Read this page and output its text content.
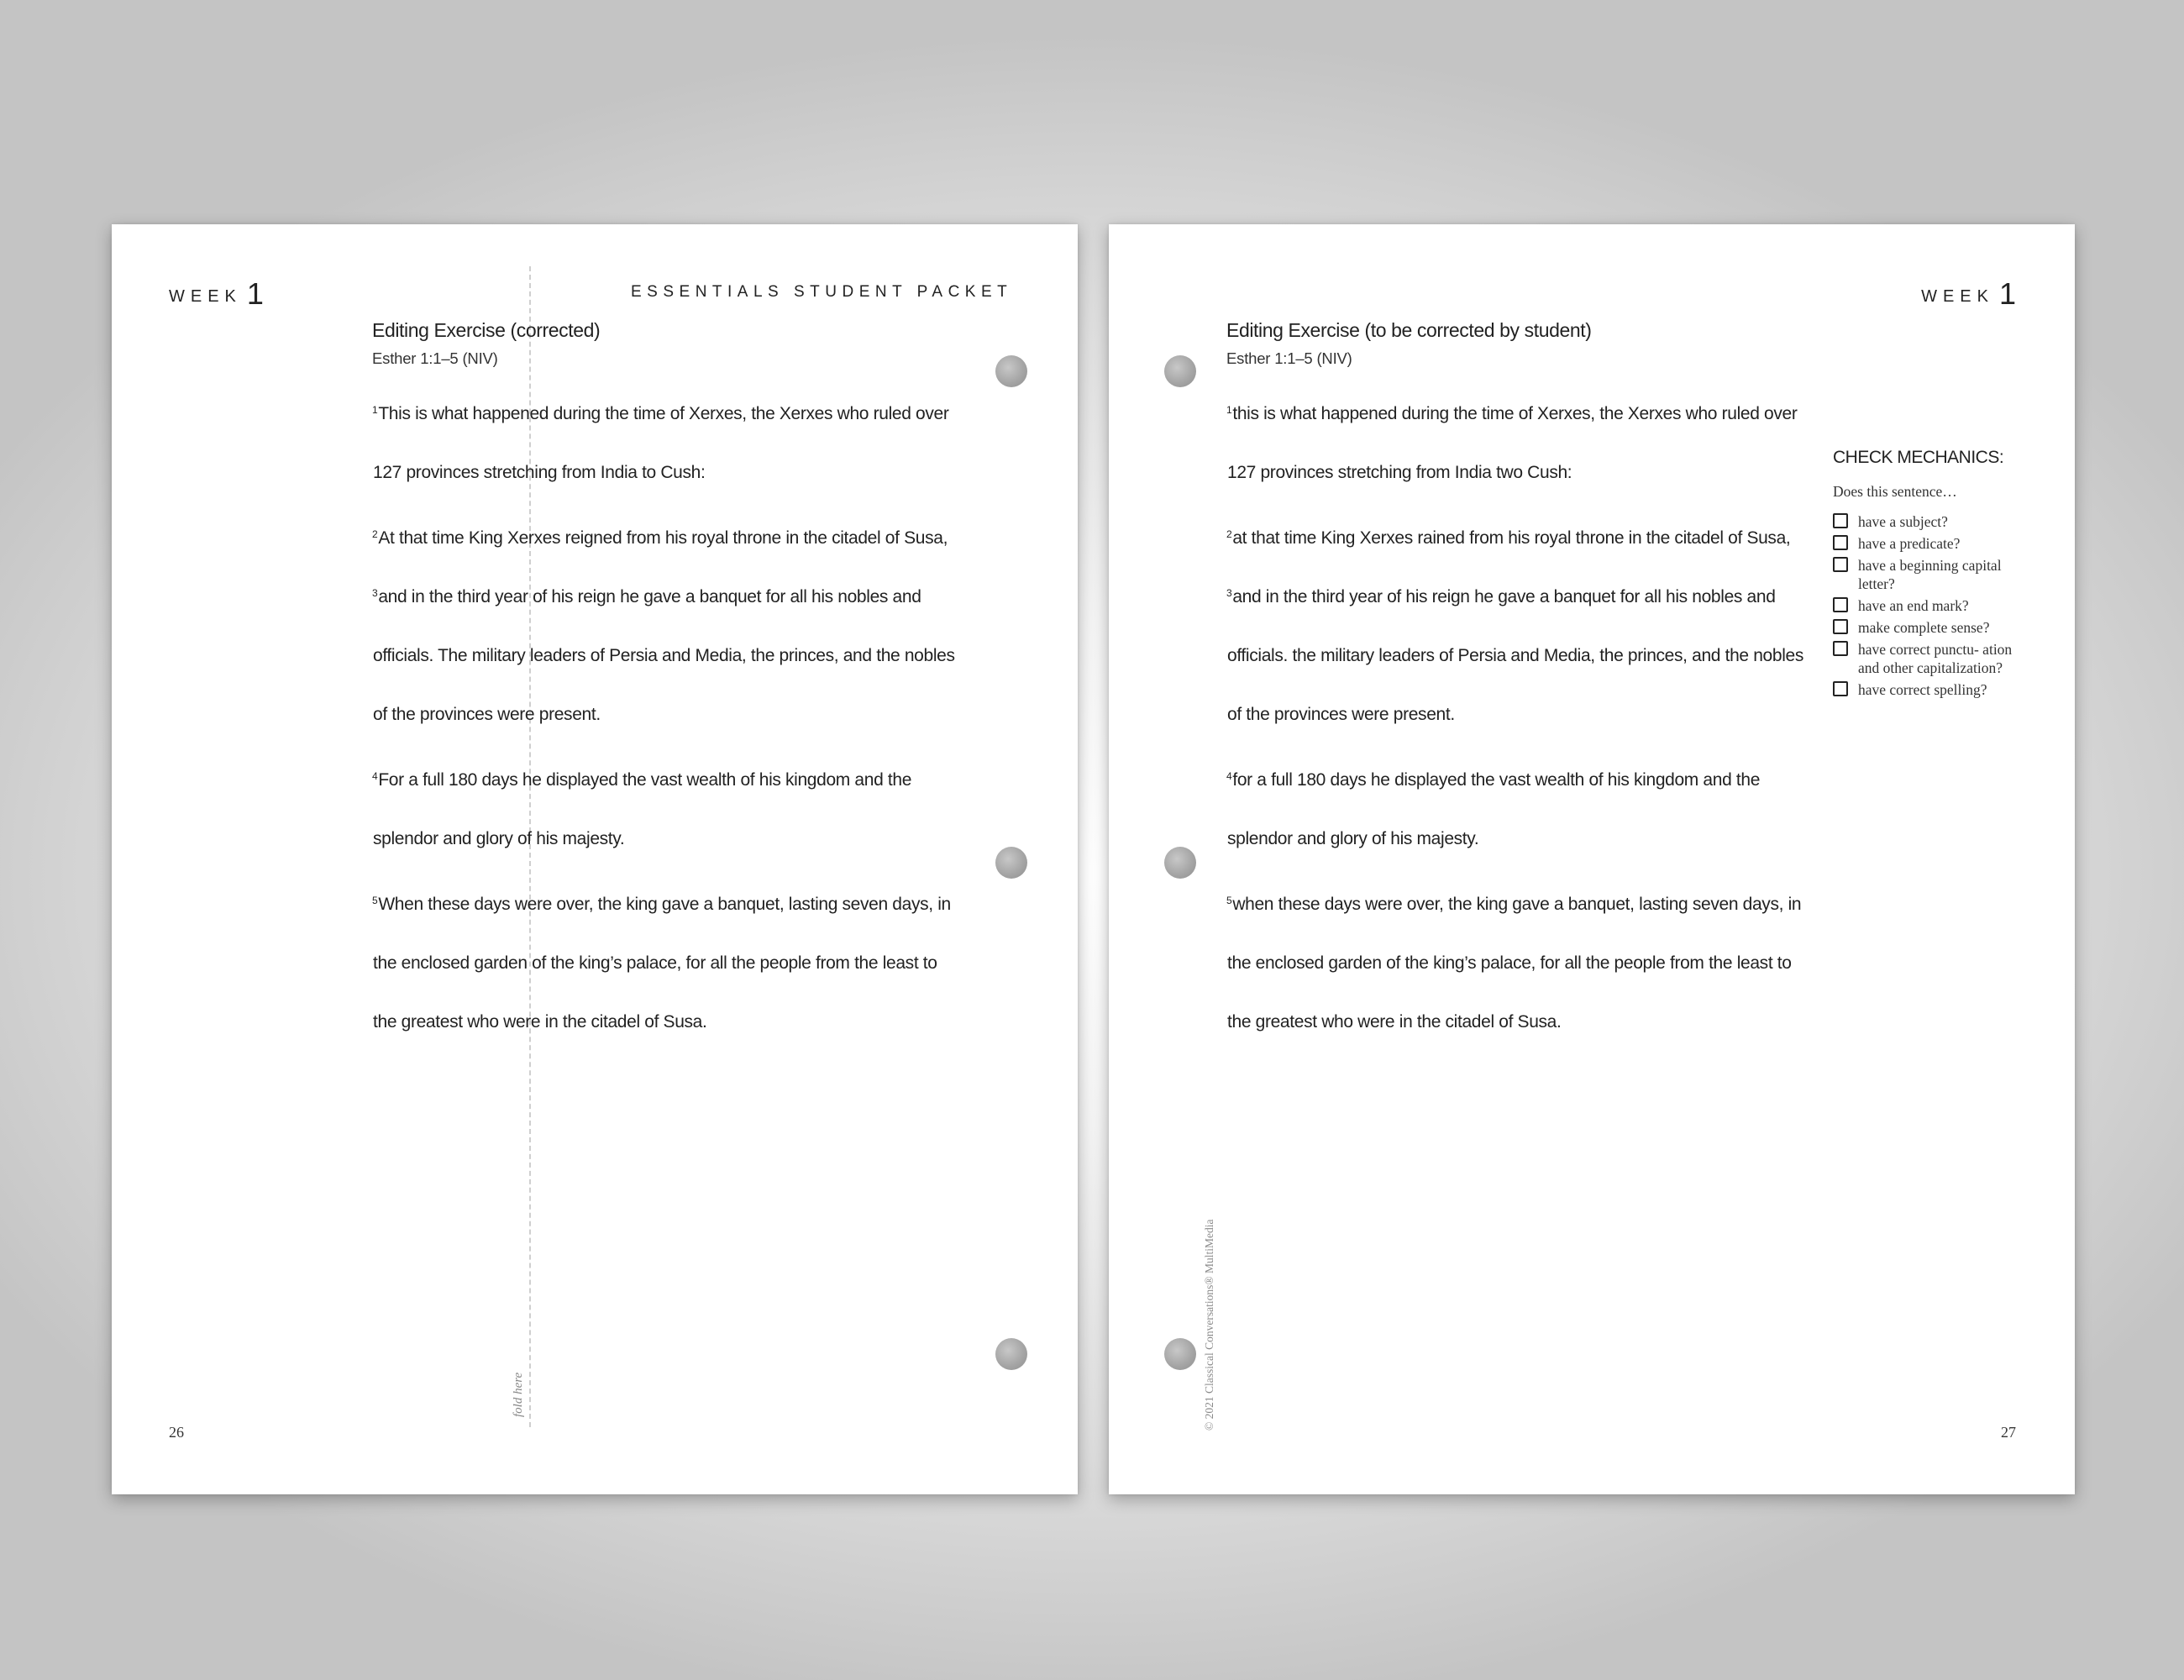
WEEK 1	ESSENTIALS STUDENT PACKET
Editing Exercise (corrected)
Esther 1:1–5 (NIV)
$^1$This is what happened during the time of Xerxes, the Xerxes who ruled over
127 provinces stretching from India to Cush:
$^2$At that time King Xerxes reigned from his royal throne in the citadel of Susa,
$^3$and in the third year of his reign he gave a banquet for all his nobles and
officials. The military leaders of Persia and Media, the princes, and the nobles
of the provinces were present.
$^4$For a full 180 days he displayed the vast wealth of his kingdom and the
splendor and glory of his majesty.
$^5$When these days were over, the king gave a banquet, lasting seven days, in
the enclosed garden of the king’s palace, for all the people from the least to
the greatest who were in the citadel of Susa.
fold here
26
WEEK 1
Editing Exercise (to be corrected by student)
Esther 1:1–5 (NIV)
$^1$this is what happened during the time of Xerxes, the Xerxes who ruled over
127 provinces stretching from India two Cush:
$^2$at that time King Xerxes rained from his royal throne in the citadel of Susa,
$^3$and in the third year of his reign he gave a banquet for all his nobles and
officials. the military leaders of Persia and Media, the princes, and the nobles
of the provinces were present.
$^4$for a full 180 days he displayed the vast wealth of his kingdom and the
splendor and glory of his majesty.
$^5$when these days were over, the king gave a banquet, lasting seven days, in
the enclosed garden of the king’s palace, for all the people from the least to
the greatest who were in the citadel of Susa.
CHECK MECHANICS:
Does this sentence…
have a subject?
have a predicate?
have a beginning capital letter?
have an end mark?
make complete sense?
have correct punctu- ation and other capitalization?
have correct spelling?
© 2021 Classical Conversations® MultiMedia
27
